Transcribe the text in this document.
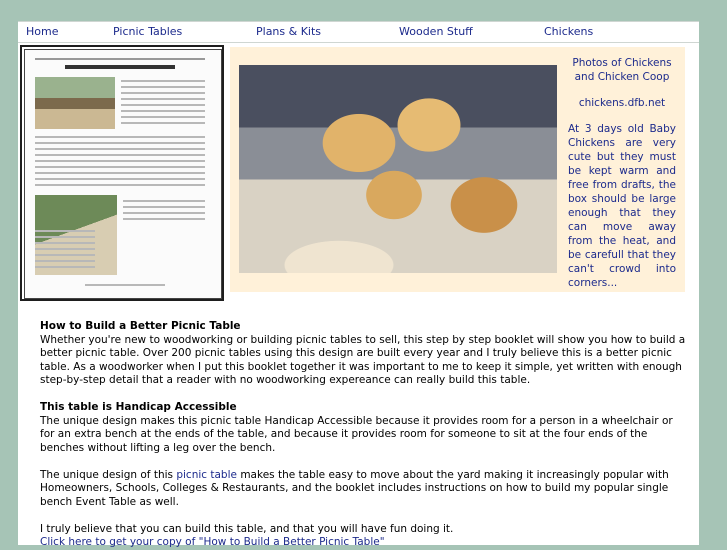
Home	Picnic Tables	Plans & Kits	Wooden Stuff	Chickens

Photos of Chickens and Chicken Coop

chickens.dfb.net

At 3 days old Baby Chickens are very cute but they must be kept warm and free from drafts, the box should be large enough that they can move away from the heat, and be carefull that they can't crowd into corners...

How to Build a Better Picnic Table

Whether you're new to woodworking or building picnic tables to sell, this step by step booklet will show you how to build a better picnic table. Over 200 picnic tables using this design are built every year and I truly believe this is a better picnic table. As a woodworker when I put this booklet together it was important to me to keep it simple, yet written with enough step-by-step detail that a reader with no woodworking expereance can really build this table.

This table is Handicap Accessible

The unique design makes this picnic table Handicap Accessible because it provides room for a person in a wheelchair or for an extra bench at the ends of the table, and because it provides room for someone to sit at the four ends of the benches without lifting a leg over the bench.

The unique design of this picnic table makes the table easy to move about the yard making it increasingly popular with Homeowners, Schools, Colleges & Restaurants, and the booklet includes instructions on how to build my popular single bench Event Table as well.

I truly believe that you can build this table, and that you will have fun doing it.

Click here to get your copy of "How to Build a Better Picnic Table"
